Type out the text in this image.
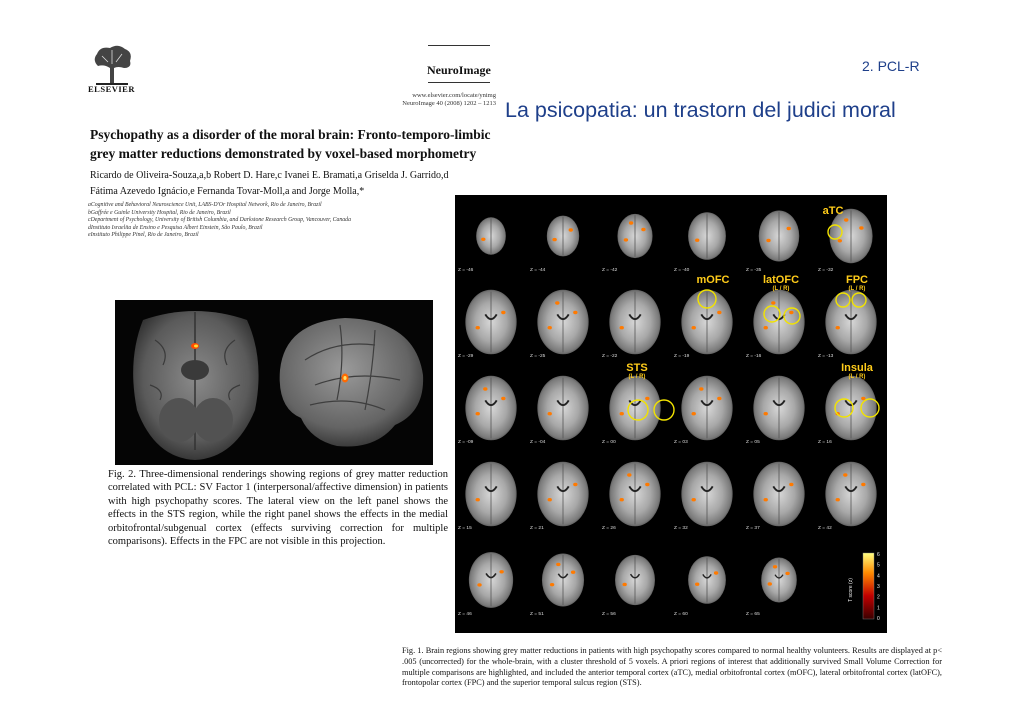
2. PCL-R
La psicopatia: un trastorn del judici moral
ELSEVIER
NeuroImage
www.elsevier.com/locate/ynimg
NeuroImage 40 (2008) 1202 – 1213
Psychopathy as a disorder of the moral brain: Fronto-temporo-limbic grey matter reductions demonstrated by voxel-based morphometry
Ricardo de Oliveira-Souza,a,b Robert D. Hare,c Ivanei E. Bramati,a Griselda J. Garrido,d
Fátima Azevedo Ignácio,e Fernanda Tovar-Moll,a and Jorge Molla,*
aCognitive and Behavioral Neuroscience Unit, LABS-D'Or Hospital Network, Rio de Janeiro, Brazil
bGaffrée e Guinle University Hospital, Rio de Janeiro, Brazil
cDepartment of Psychology, University of British Columbia, and Darkstone Research Group, Vancouver, Canada
dInstituto Israelita de Ensino e Pesquisa Albert Einstein, São Paulo, Brazil
eInstituto Philippe Pinel, Rio de Janeiro, Brazil
Fig. 2. Three-dimensional renderings showing regions of grey matter reduction correlated with PCL: SV Factor 1 (interpersonal/affective dimension) in patients with high psychopathy scores. The lateral view on the left panel shows the effects in the STS region, while the right panel shows the effects in the medial orbitofrontal/subgenual cortex (effects surviving correction for multiple comparisons). Effects in the FPC are not visible in this projection.
Z = -46	Z = -44	Z = -42	Z = -40	Z = -35	Z = -32
Z = -29	Z = -25	Z = -22	Z = -19	Z = -16	Z = -13
Z = -09	Z = -04	Z = 00	Z = 03	Z = 05	Z = 16
Z = 15	Z = 21	Z = 26	Z = 32	Z = 37	Z = 42
Z = 46	Z = 51	Z = 56	Z = 60	Z = 65
aTC
mOFC	latOFC
(L / R)
FPC
(L / R)
STS
(L / R)
Insula
(L / R)
T score (z)
6
5
4
3
2
1
0
Fig. 1. Brain regions showing grey matter reductions in patients with high psychopathy scores compared to normal healthy volunteers. Results are displayed at p< .005 (uncorrected) for the whole-brain, with a cluster threshold of 5 voxels. A priori regions of interest that additionally survived Small Volume Correction for multiple comparisons are highlighted, and included the anterior temporal cortex (aTC), medial orbitofrontal cortex (mOFC), lateral orbitofrontal cortex (latOFC), frontopolar cortex (FPC) and the superior temporal sulcus region (STS).
